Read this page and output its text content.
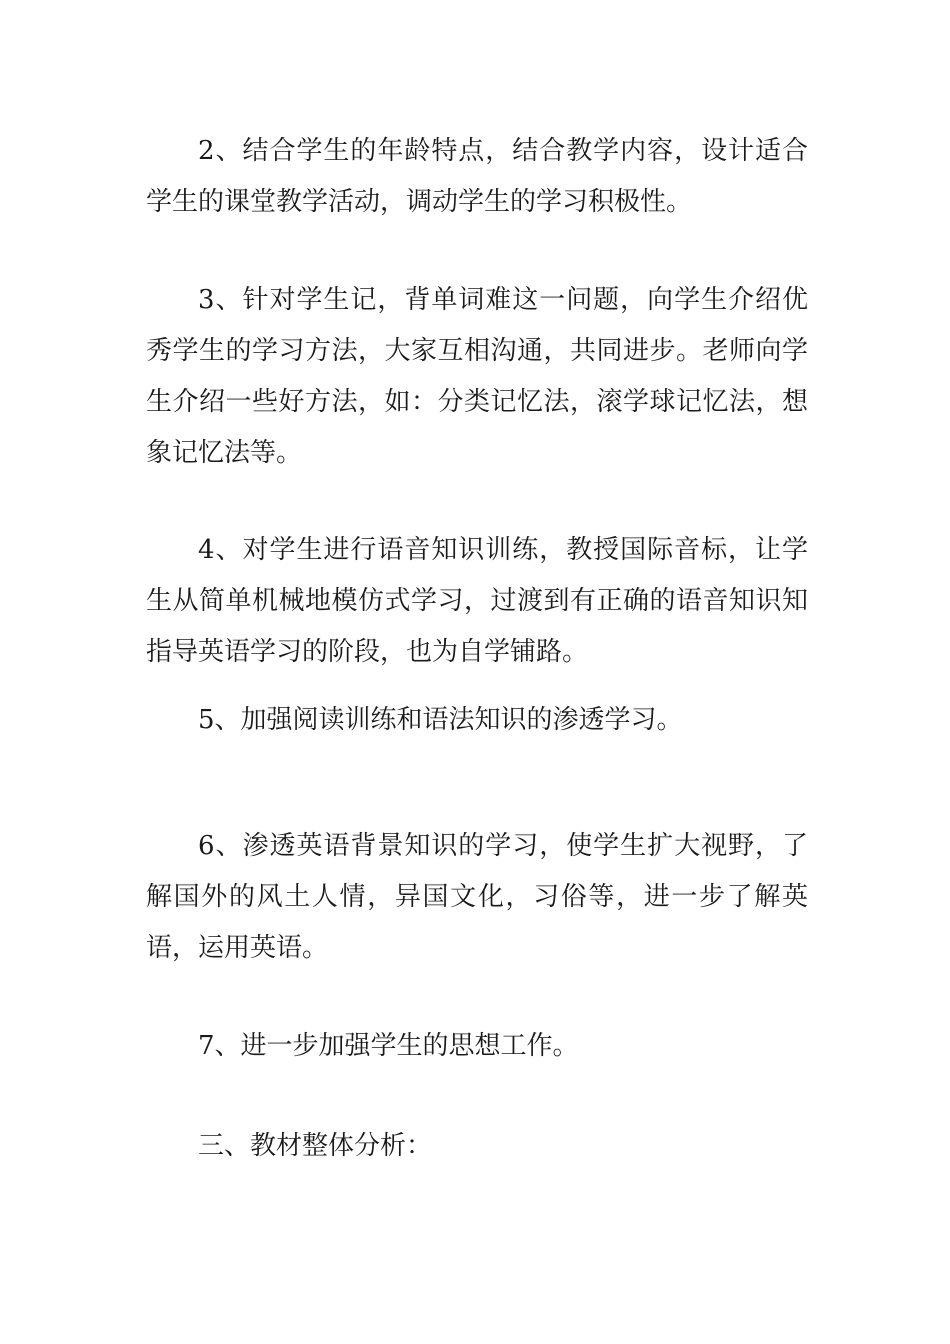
2、结合学生的年龄特点，结合教学内容，设计适合学生的课堂教学活动，调动学生的学习积极性。

3、针对学生记，背单词难这一问题，向学生介绍优秀学生的学习方法，大家互相沟通，共同进步。老师向学生介绍一些好方法，如：分类记忆法，滚学球记忆法，想象记忆法等。

4、对学生进行语音知识训练，教授国际音标，让学生从简单机械地模仿式学习，过渡到有正确的语音知识知指导英语学习的阶段，也为自学铺路。

5、加强阅读训练和语法知识的渗透学习。

6、渗透英语背景知识的学习，使学生扩大视野，了解国外的风土人情，异国文化，习俗等，进一步了解英语，运用英语。

7、进一步加强学生的思想工作。

三、教材整体分析：
